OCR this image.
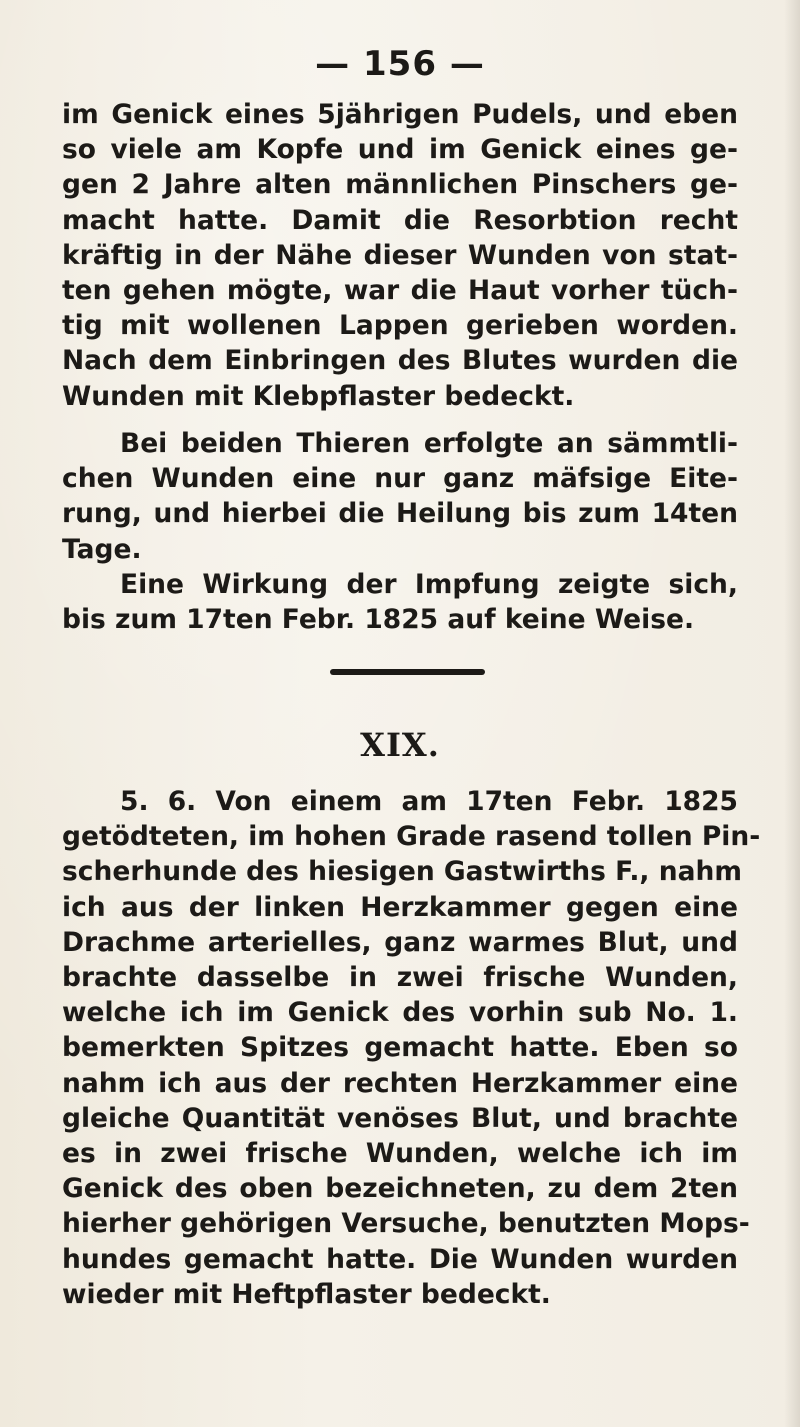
— 156 —
im Genick eines 5jährigen Pudels, und eben
so viele am Kopfe und im Genick eines ge-
gen 2 Jahre alten männlichen Pinschers ge-
macht hatte. Damit die Resorbtion recht
kräftig in der Nähe dieser Wunden von stat-
ten gehen mögte, war die Haut vorher tüch-
tig mit wollenen Lappen gerieben worden.
Nach dem Einbringen des Blutes wurden die
Wunden mit Klebpflaster bedeckt.
Bei beiden Thieren erfolgte an sämmtli-
chen Wunden eine nur ganz mäfsige Eite-
rung, und hierbei die Heilung bis zum 14ten
Tage.
Eine Wirkung der Impfung zeigte sich,
bis zum 17ten Febr. 1825 auf keine Weise.
XIX.
5. 6. Von einem am 17ten Febr. 1825
getödteten, im hohen Grade rasend tollen Pin-
scherhunde des hiesigen Gastwirths F., nahm
ich aus der linken Herzkammer gegen eine
Drachme arterielles, ganz warmes Blut, und
brachte dasselbe in zwei frische Wunden,
welche ich im Genick des vorhin sub No. 1.
bemerkten Spitzes gemacht hatte. Eben so
nahm ich aus der rechten Herzkammer eine
gleiche Quantität venöses Blut, und brachte
es in zwei frische Wunden, welche ich im
Genick des oben bezeichneten, zu dem 2ten
hierher gehörigen Versuche, benutzten Mops-
hundes gemacht hatte. Die Wunden wurden
wieder mit Heftpflaster bedeckt.
